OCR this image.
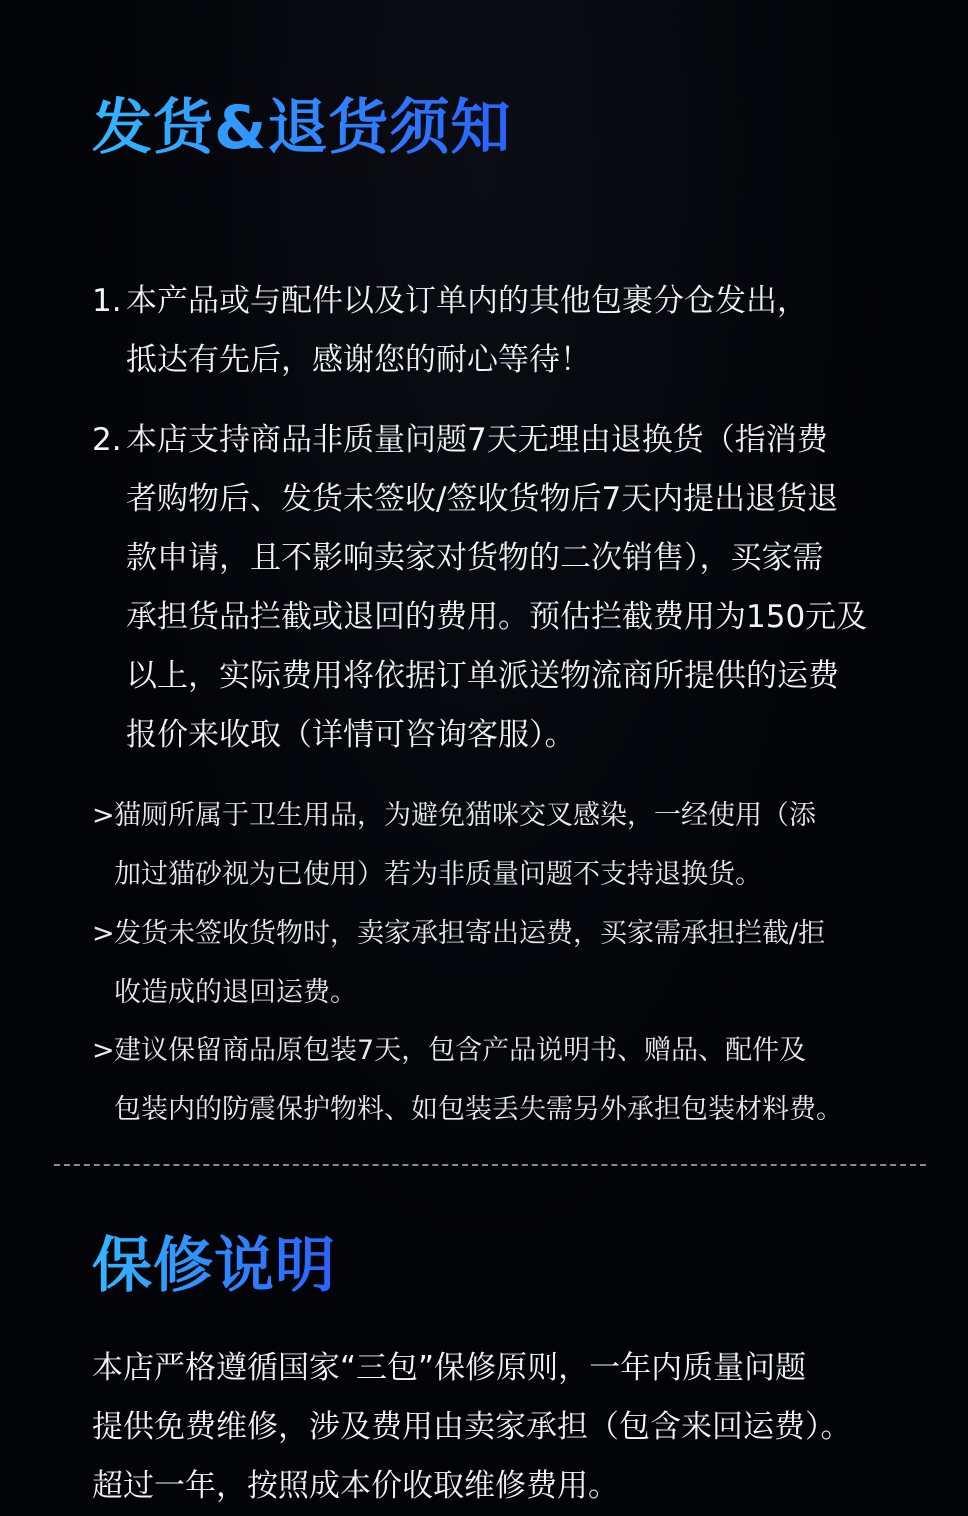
发货&退货须知
1. 本产品或与配件以及订单内的其他包裹分仓发出，
抵达有先后，感谢您的耐心等待！
2. 本店支持商品非质量问题7天无理由退换货（指消费
者购物后、发货未签收/签收货物后7天内提出退货退
款申请，且不影响卖家对货物的二次销售），买家需
承担货品拦截或退回的费用。预估拦截费用为150元及
以上，实际费用将依据订单派送物流商所提供的运费
报价来收取（详情可咨询客服）。
> 猫厕所属于卫生用品，为避免猫咪交叉感染，一经使用（添
加过猫砂视为已使用）若为非质量问题不支持退换货。
> 发货未签收货物时，卖家承担寄出运费，买家需承担拦截/拒
收造成的退回运费。
> 建议保留商品原包装7天，包含产品说明书、赠品、配件及
包装内的防震保护物料、如包装丢失需另外承担包装材料费。
保修说明
本店严格遵循国家“三包”保修原则，一年内质量问题
提供免费维修，涉及费用由卖家承担（包含来回运费）。
超过一年，按照成本价收取维修费用。
